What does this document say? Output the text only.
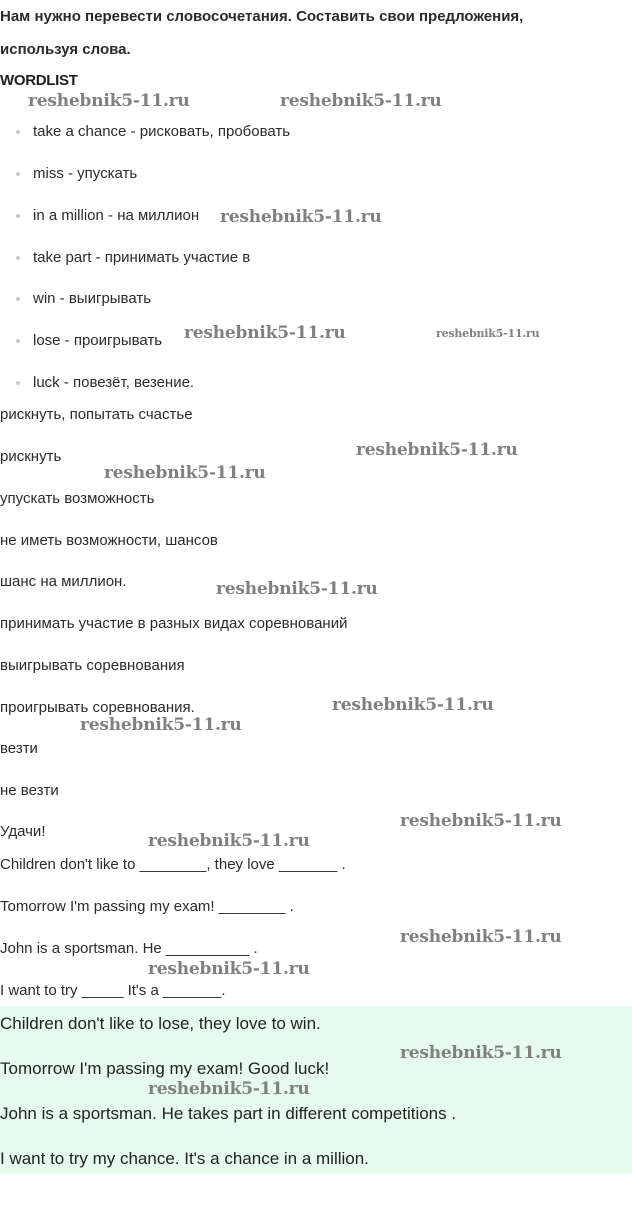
Нам нужно перевести словосочетания. Составить свои предложения,
используя слова.
WORDLIST
take a chance - рисковать, пробовать
miss - упускать
in a million - на миллион
take part - принимать участие в
win - выигрывать
lose - проигрывать
luck - повезёт, везение.
рискнуть, попытать счастье
рискнуть
упускать возможность
не иметь возможности, шансов
шанс на миллион.
принимать участие в разных видах соревнований
выигрывать соревнования
проигрывать соревнования.
везти
не везти
Удачи!
Children don't like to ________, they love _______ .
Tomorrow I'm passing my exam! ________ .
John is a sportsman. He __________ .
I want to try _____ It's a _______.
Children don't like to lose, they love to win.
Tomorrow I'm passing my exam! Good luck!
John is a sportsman. He takes part in different competitions .
I want to try my chance. It's a chance in a million.
reshebnik5-11.ru	reshebnik5-11.ru
reshebnik5-11.ru
reshebnik5-11.ru	reshebnik5-11.ru
reshebnik5-11.ru
reshebnik5-11.ru
reshebnik5-11.ru
reshebnik5-11.ru
reshebnik5-11.ru
reshebnik5-11.ru
reshebnik5-11.ru
reshebnik5-11.ru
reshebnik5-11.ru
reshebnik5-11.ru
reshebnik5-11.ru
